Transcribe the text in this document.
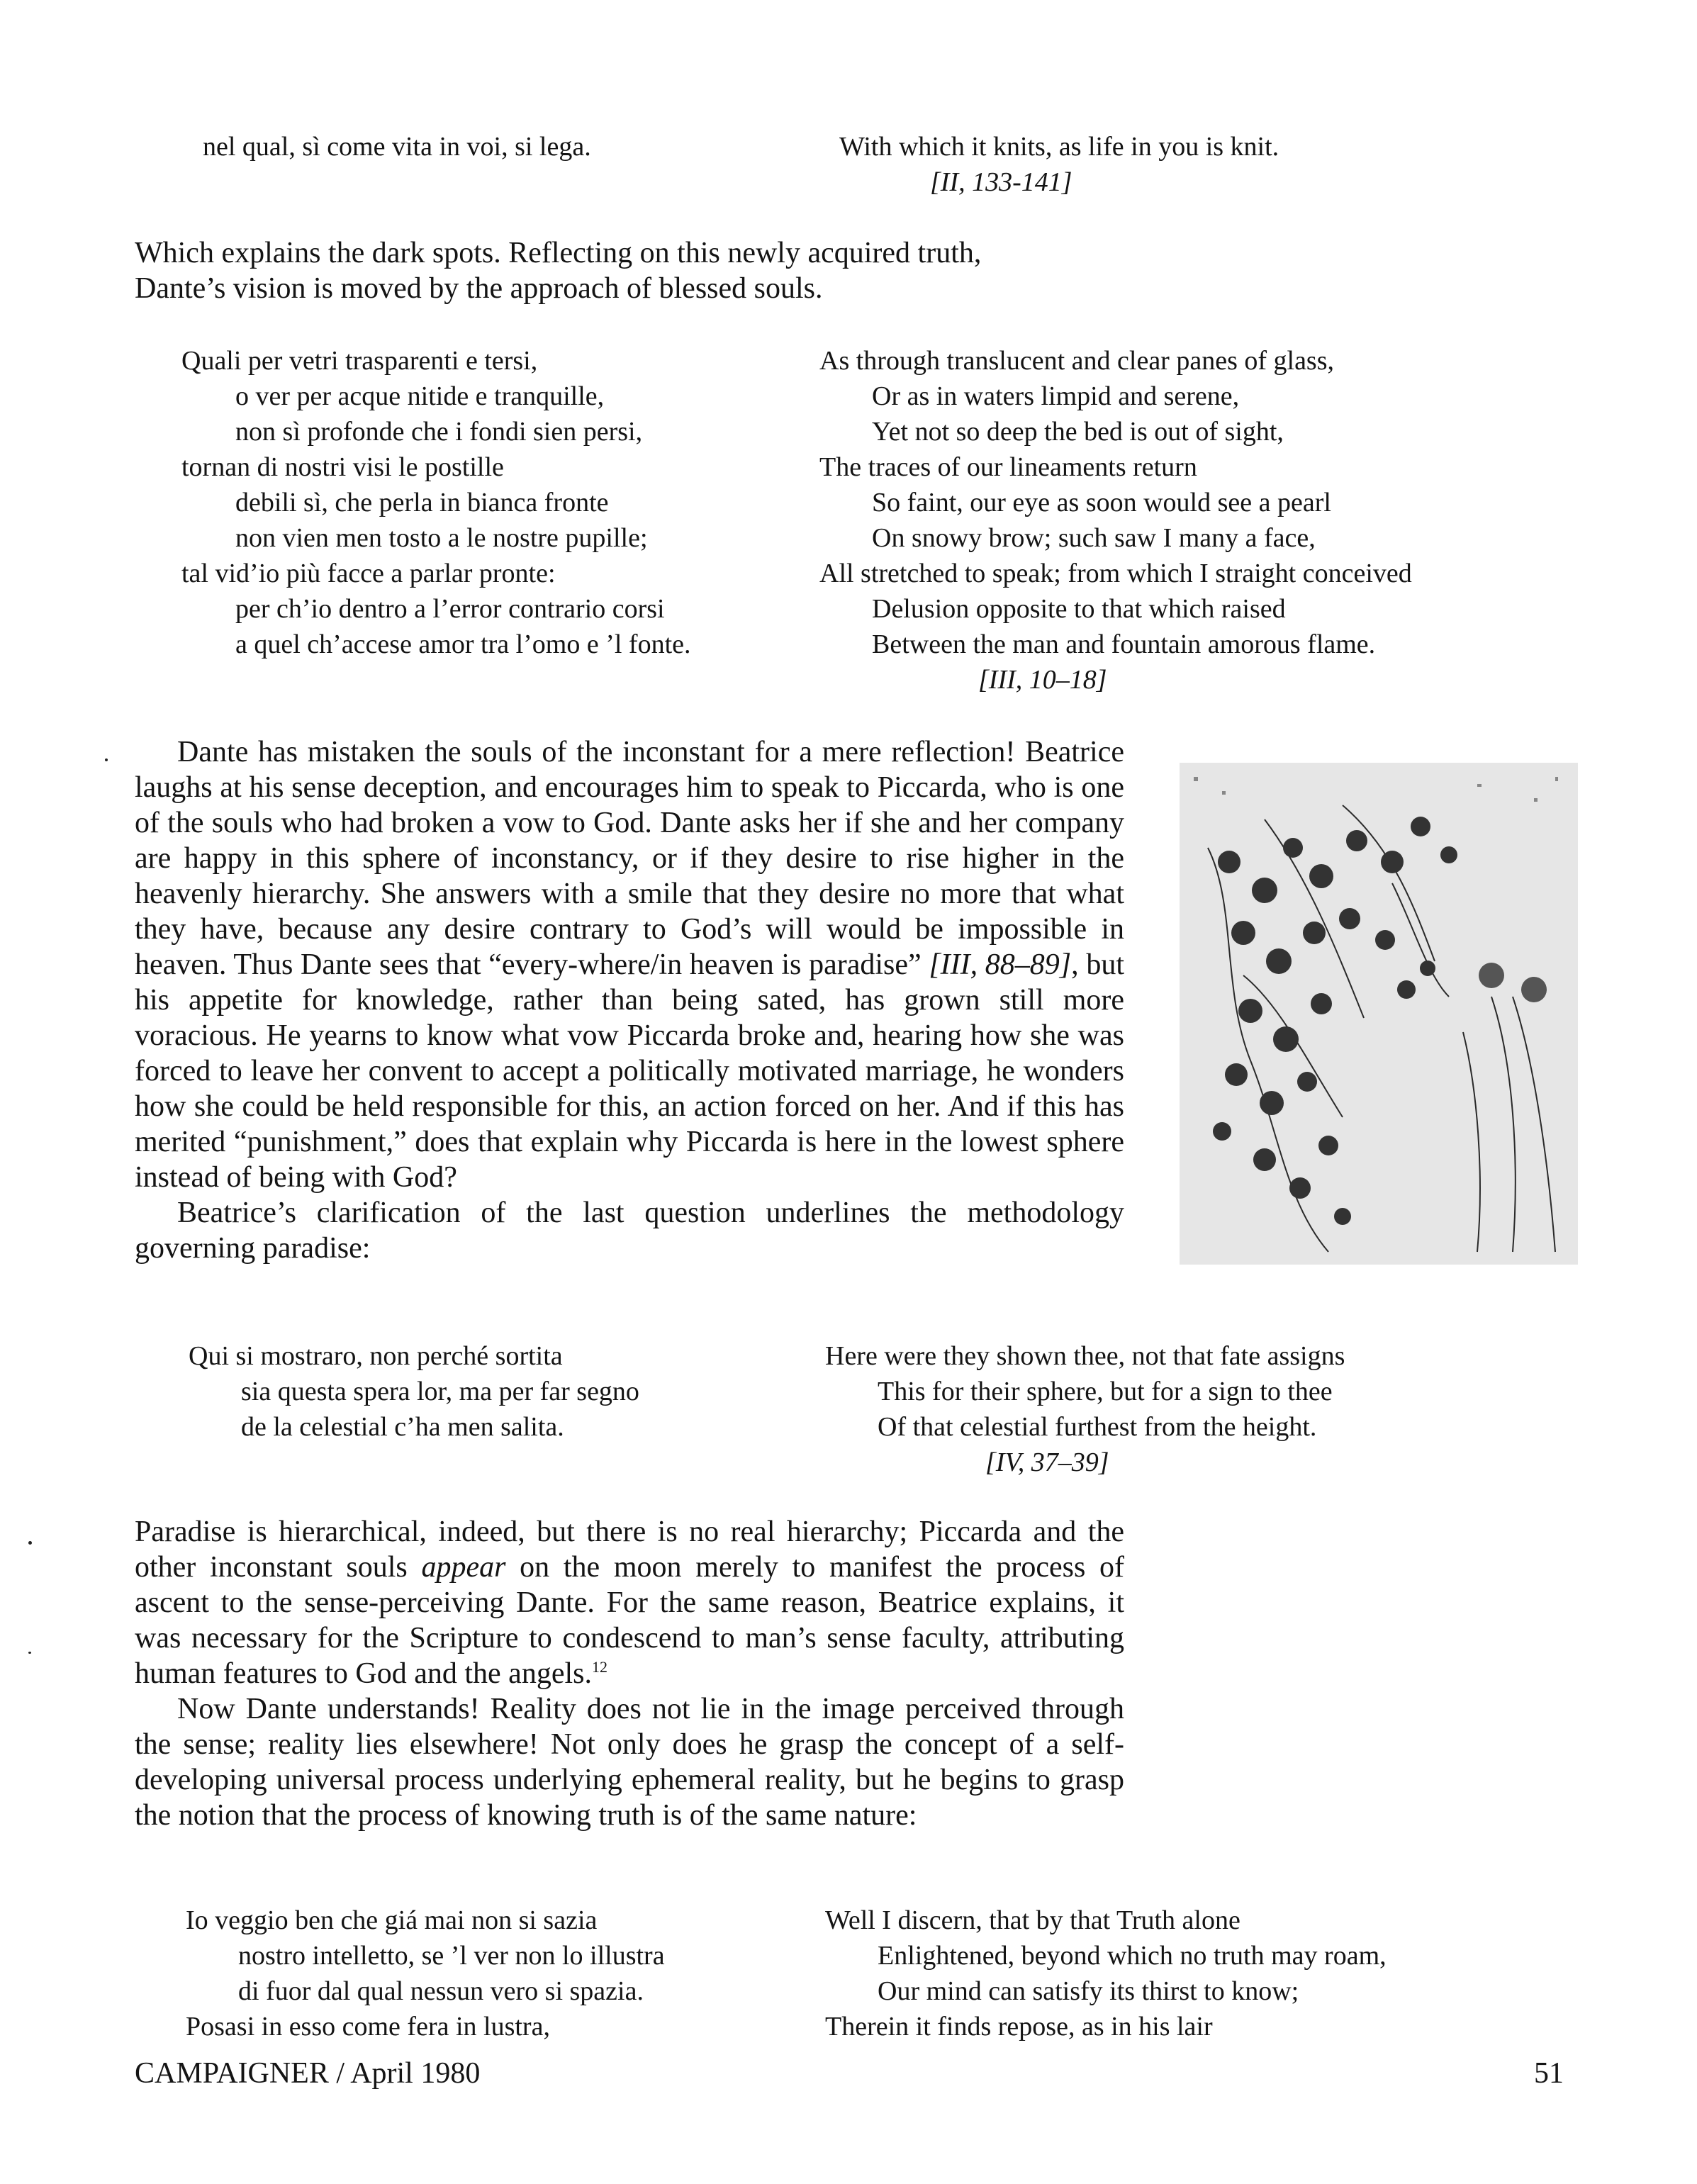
nel qual, sì come vita in voi, si lega.	With which it knits, as life in you is knit.
[II, 133-141]
Which explains the dark spots. Reflecting on this newly acquired truth,
Dante’s vision is moved by the approach of blessed souls.
Quali per vetri trasparenti e tersi,
o ver per acque nitide e tranquille,
non sì profonde che i fondi sien persi,
tornan di nostri visi le postille
debili sì, che perla in bianca fronte
non vien men tosto a le nostre pupille;
tal vid’io più facce a parlar pronte:
per ch’io dentro a l’error contrario corsi
a quel ch’accese amor tra l’omo e ’l fonte.
As through translucent and clear panes of glass,
Or as in waters limpid and serene,
Yet not so deep the bed is out of sight,
The traces of our lineaments return
So faint, our eye as soon would see a pearl
On snowy brow; such saw I many a face,
All stretched to speak; from which I straight conceived
Delusion opposite to that which raised
Between the man and fountain amorous flame.
[III, 10–18]

Dante has mistaken the souls of the inconstant for a mere reflection! Beatrice laughs at his sense deception, and encourages him to speak to Piccarda, who is one of the souls who had broken a vow to God. Dante asks her if she and her company are happy in this sphere of inconstancy, or if they desire to rise higher in the heavenly hierarchy. She answers with a smile that they desire no more that what they have, because any desire contrary to God’s will would be impossible in heaven. Thus Dante sees that “every-where/in heaven is paradise” [III, 88–89], but his appetite for knowledge, rather than being sated, has grown still more voracious. He yearns to know what vow Piccarda broke and, hearing how she was forced to leave her convent to accept a politically motivated marriage, he wonders how she could be held responsible for this, an action forced on her. And if this has merited “punishment,” does that explain why Piccarda is here in the lowest sphere instead of being with God?

Beatrice’s clarification of the last question underlines the methodology governing paradise:

Qui si mostraro, non perché sortita
sia questa spera lor, ma per far segno
de la celestial c’ha men salita.
Here were they shown thee, not that fate assigns
This for their sphere, but for a sign to thee
Of that celestial furthest from the height.
[IV, 37–39]

Paradise is hierarchical, indeed, but there is no real hierarchy; Piccarda and the other inconstant souls appear on the moon merely to manifest the process of ascent to the sense-perceiving Dante. For the same reason, Beatrice explains, it was necessary for the Scripture to condescend to man’s sense faculty, attributing human features to God and the angels.$^{12}$

Now Dante understands! Reality does not lie in the image perceived through the sense; reality lies elsewhere! Not only does he grasp the concept of a self-developing universal process underlying ephemeral reality, but he begins to grasp the notion that the process of knowing truth is of the same nature:

Io veggio ben che giá mai non si sazia
nostro intelletto, se ’l ver non lo illustra
di fuor dal qual nessun vero si spazia.
Posasi in esso come fera in lustra,
Well I discern, that by that Truth alone
Enlightened, beyond which no truth may roam,
Our mind can satisfy its thirst to know;
Therein it finds repose, as in his lair
CAMPAIGNER / April 1980	51
